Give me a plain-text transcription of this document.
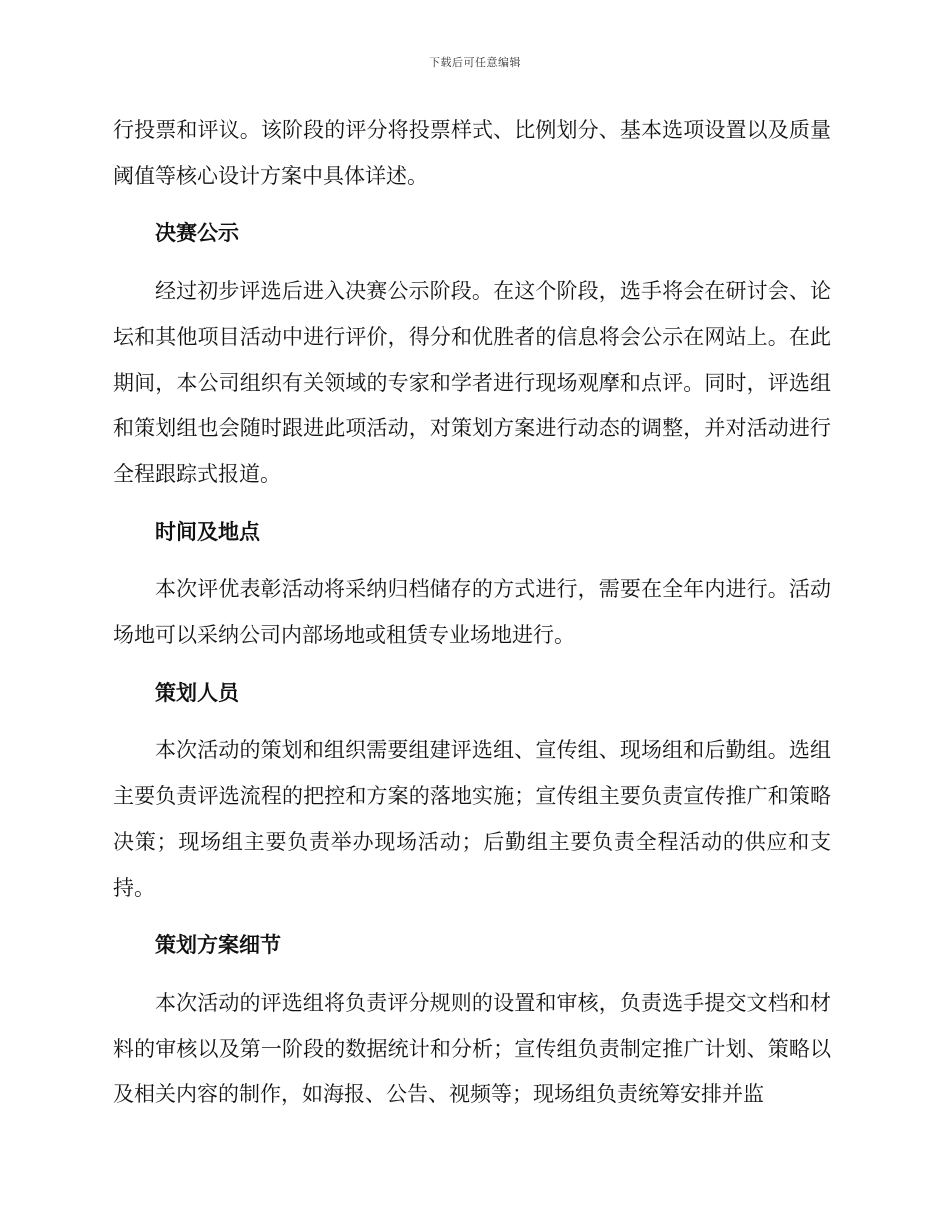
下载后可任意编辑

行投票和评议。该阶段的评分将投票样式、比例划分、基本选项设置以及质量阈值等核心设计方案中具体详述。

决赛公示

经过初步评选后进入决赛公示阶段。在这个阶段，选手将会在研讨会、论坛和其他项目活动中进行评价，得分和优胜者的信息将会公示在网站上。在此期间，本公司组织有关领域的专家和学者进行现场观摩和点评。同时，评选组和策划组也会随时跟进此项活动，对策划方案进行动态的调整，并对活动进行全程跟踪式报道。

时间及地点

本次评优表彰活动将采纳归档储存的方式进行，需要在全年内进行。活动场地可以采纳公司内部场地或租赁专业场地进行。

策划人员

本次活动的策划和组织需要组建评选组、宣传组、现场组和后勤组。选组主要负责评选流程的把控和方案的落地实施；宣传组主要负责宣传推广和策略决策；现场组主要负责举办现场活动；后勤组主要负责全程活动的供应和支持。

策划方案细节

本次活动的评选组将负责评分规则的设置和审核，负责选手提交文档和材料的审核以及第一阶段的数据统计和分析；宣传组负责制定推广计划、策略以及相关内容的制作，如海报、公告、视频等；现场组负责统筹安排并监
